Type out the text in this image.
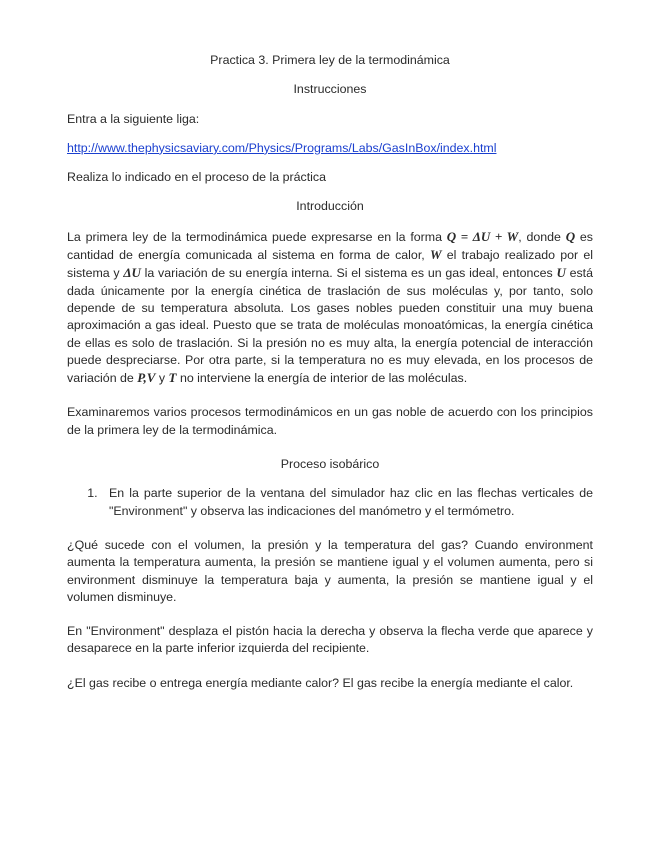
Practica 3. Primera ley de la termodinámica

Instrucciones

Entra a la siguiente liga:

http://www.thephysicsaviary.com/Physics/Programs/Labs/GasInBox/index.html

Realiza lo indicado en el proceso de la práctica

Introducción

La primera ley de la termodinámica puede expresarse en la forma Q = ΔU + W, donde Q es cantidad de energía comunicada al sistema en forma de calor, W el trabajo realizado por el sistema y ΔU la variación de su energía interna. Si el sistema es un gas ideal, entonces U está dada únicamente por la energía cinética de traslación de sus moléculas y, por tanto, solo depende de su temperatura absoluta. Los gases nobles pueden constituir una muy buena aproximación a gas ideal. Puesto que se trata de moléculas monoatómicas, la energía cinética de ellas es solo de traslación. Si la presión no es muy alta, la energía potencial de interacción puede despreciarse. Por otra parte, si la temperatura no es muy elevada, en los procesos de variación de P,V y T no interviene la energía de interior de las moléculas.

Examinaremos varios procesos termodinámicos en un gas noble de acuerdo con los principios de la primera ley de la termodinámica.

Proceso isobárico

1. En la parte superior de la ventana del simulador haz clic en las flechas verticales de "Environment" y observa las indicaciones del manómetro y el termómetro.

¿Qué sucede con el volumen, la presión y la temperatura del gas? Cuando environment aumenta la temperatura aumenta, la presión se mantiene igual y el volumen aumenta, pero si environment disminuye la temperatura baja y aumenta, la presión se mantiene igual y el volumen disminuye.

En "Environment" desplaza el pistón hacia la derecha y observa la flecha verde que aparece y desaparece en la parte inferior izquierda del recipiente.

¿El gas recibe o entrega energía mediante calor? El gas recibe la energía mediante el calor.
